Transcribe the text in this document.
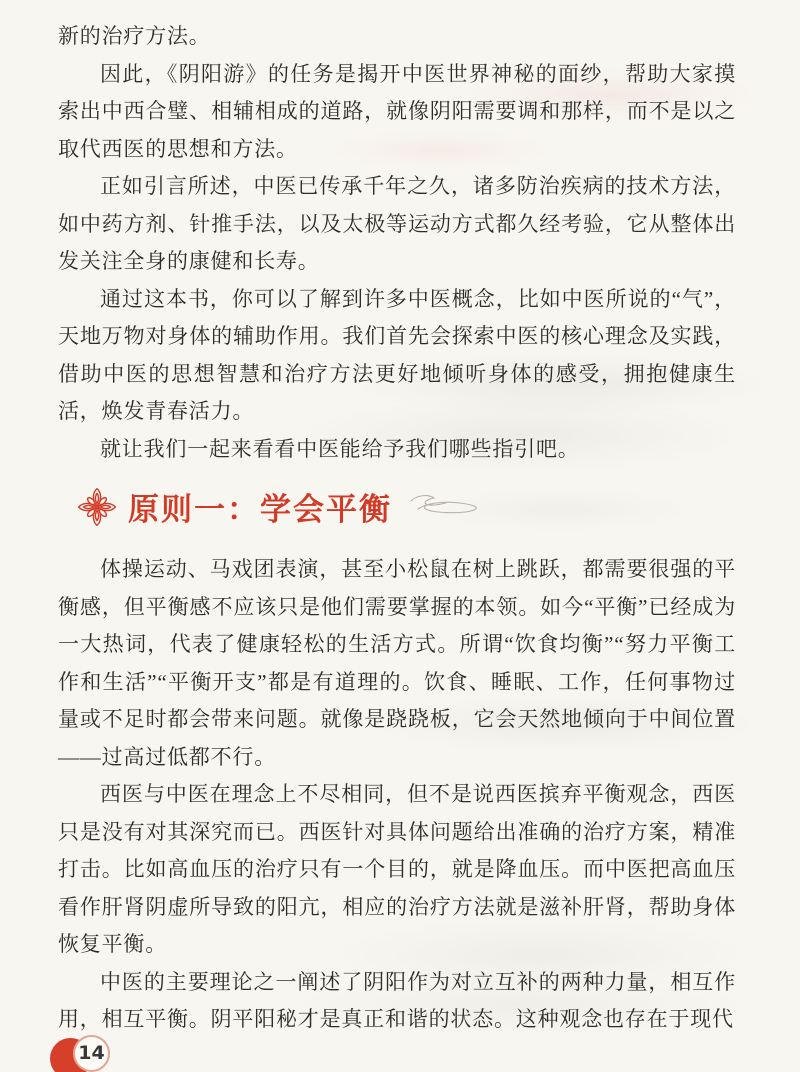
新的治疗方法。

因此，《阴阳游》的任务是揭开中医世界神秘的面纱，帮助大家摸索出中西合璧、相辅相成的道路，就像阴阳需要调和那样，而不是以之取代西医的思想和方法。

正如引言所述，中医已传承千年之久，诸多防治疾病的技术方法，如中药方剂、针推手法，以及太极等运动方式都久经考验，它从整体出发关注全身的康健和长寿。

通过这本书，你可以了解到许多中医概念，比如中医所说的“气”，天地万物对身体的辅助作用。我们首先会探索中医的核心理念及实践，借助中医的思想智慧和治疗方法更好地倾听身体的感受，拥抱健康生活，焕发青春活力。

就让我们一起来看看中医能给予我们哪些指引吧。

原则一：学会平衡

体操运动、马戏团表演，甚至小松鼠在树上跳跃，都需要很强的平衡感，但平衡感不应该只是他们需要掌握的本领。如今“平衡”已经成为一大热词，代表了健康轻松的生活方式。所谓“饮食均衡”“努力平衡工作和生活”“平衡开支”都是有道理的。饮食、睡眠、工作，任何事物过量或不足时都会带来问题。就像是跷跷板，它会天然地倾向于中间位置——过高过低都不行。

西医与中医在理念上不尽相同，但不是说西医摈弃平衡观念，西医只是没有对其深究而已。西医针对具体问题给出准确的治疗方案，精准打击。比如高血压的治疗只有一个目的，就是降血压。而中医把高血压看作肝肾阴虚所导致的阳亢，相应的治疗方法就是滋补肝肾，帮助身体恢复平衡。

中医的主要理论之一阐述了阴阳作为对立互补的两种力量，相互作用，相互平衡。阴平阳秘才是真正和谐的状态。这种观念也存在于现代

14
